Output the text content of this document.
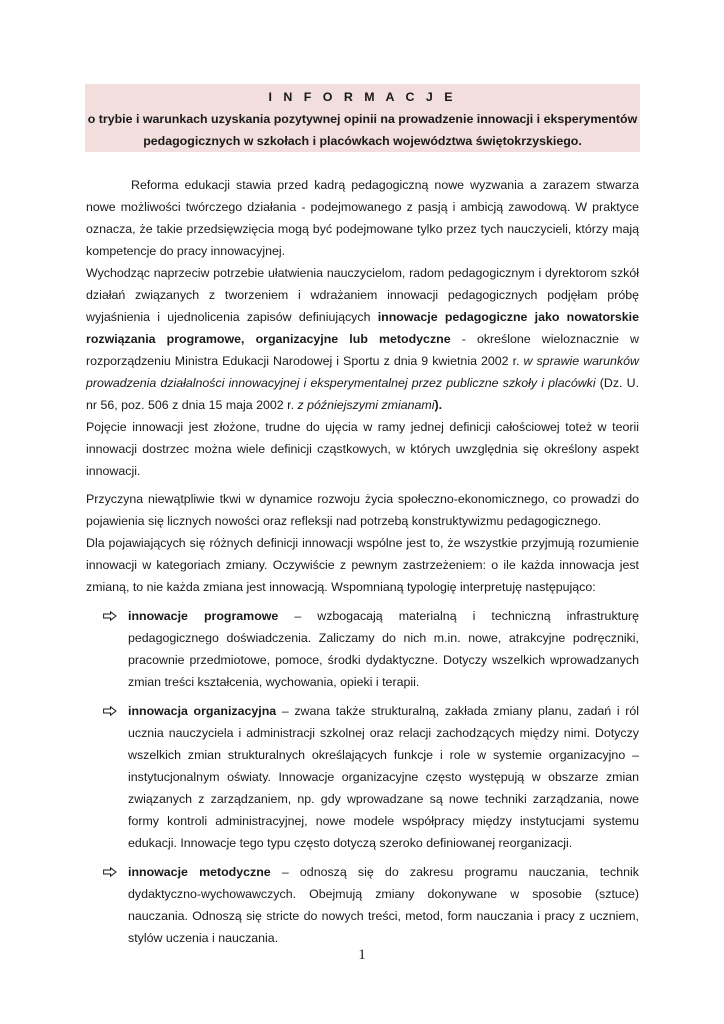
I N F O R M A C J E
o trybie i warunkach uzyskania pozytywnej opinii na prowadzenie innowacji i eksperymentów
pedagogicznych w szkołach i placówkach województwa świętokrzyskiego.

Reforma edukacji stawia przed kadrą pedagogiczną nowe wyzwania a zarazem stwarza nowe możliwości twórczego działania - podejmowanego z pasją i ambicją zawodową. W praktyce oznacza, że takie przedsięwzięcia mogą być podejmowane tylko przez tych nauczycieli, którzy mają kompetencje do pracy innowacyjnej.

Wychodząc naprzeciw potrzebie ułatwienia nauczycielom, radom pedagogicznym i dyrektorom szkół działań związanych z tworzeniem i wdrażaniem innowacji pedagogicznych podjęłam próbę wyjaśnienia i ujednolicenia zapisów definiujących innowacje pedagogiczne jako nowatorskie rozwiązania programowe, organizacyjne lub metodyczne - określone wieloznacznie w rozporządzeniu Ministra Edukacji Narodowej i Sportu z dnia 9 kwietnia 2002 r. w sprawie warunków prowadzenia działalności innowacyjnej i eksperymentalnej przez publiczne szkoły i placówki (Dz. U. nr 56, poz. 506 z dnia 15 maja 2002 r. z późniejszymi zmianami).

Pojęcie innowacji jest złożone, trudne do ujęcia w ramy jednej definicji całościowej toteż w teorii innowacji dostrzec można wiele definicji cząstkowych, w których uwzględnia się określony aspekt innowacji.

Przyczyna niewątpliwie tkwi w dynamice rozwoju życia społeczno-ekonomicznego, co prowadzi do pojawienia się licznych nowości oraz refleksji nad potrzebą konstruktywizmu pedagogicznego.

Dla pojawiających się różnych definicji innowacji wspólne jest to, że wszystkie przyjmują rozumienie innowacji w kategoriach zmiany. Oczywiście z pewnym zastrzeżeniem: o ile każda innowacja jest zmianą, to nie każda zmiana jest innowacją. Wspomnianą typologię interpretuję następująco:

innowacje programowe – wzbogacają materialną i techniczną infrastrukturę pedagogicznego doświadczenia. Zaliczamy do nich m.in. nowe, atrakcyjne podręczniki, pracownie przedmiotowe, pomoce, środki dydaktyczne. Dotyczy wszelkich wprowadzanych zmian treści kształcenia, wychowania, opieki i terapii.
innowacja organizacyjna – zwana także strukturalną, zakłada zmiany planu, zadań i ról ucznia nauczyciela i administracji szkolnej oraz relacji zachodzących między nimi. Dotyczy wszelkich zmian strukturalnych określających funkcje i role w systemie organizacyjno – instytucjonalnym oświaty. Innowacje organizacyjne często występują w obszarze zmian związanych z zarządzaniem, np. gdy wprowadzane są nowe techniki zarządzania, nowe formy kontroli administracyjnej, nowe modele współpracy między instytucjami systemu edukacji. Innowacje tego typu często dotyczą szeroko definiowanej reorganizacji.
innowacje metodyczne – odnoszą się do zakresu programu nauczania, technik dydaktyczno-wychowawczych. Obejmują zmiany dokonywane w sposobie (sztuce) nauczania. Odnoszą się stricte do nowych treści, metod, form nauczania i pracy z uczniem, stylów uczenia i nauczania.
1
